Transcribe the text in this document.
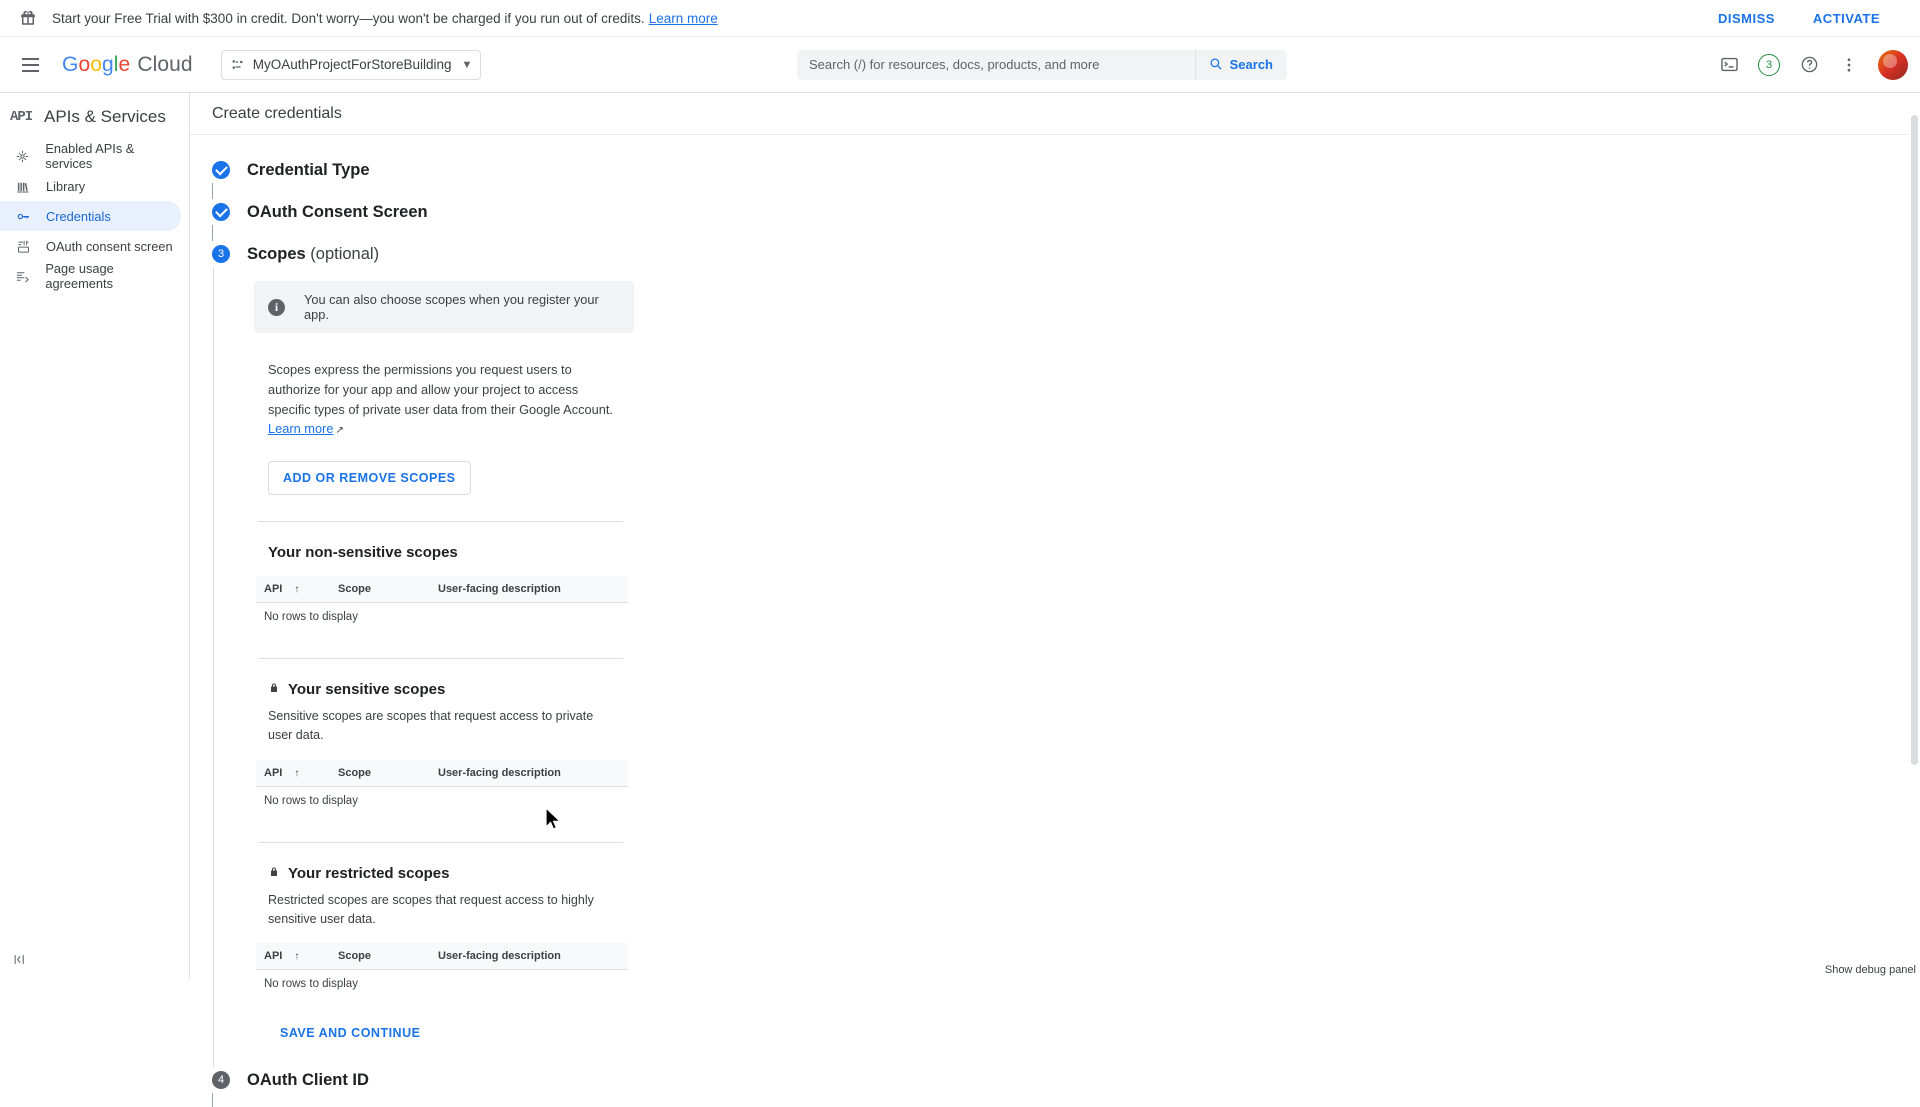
Start your Free Trial with $300 in credit. Don't worry—you won't be charged if you run out of credits. Learn more	DISMISS	ACTIVATE
G o o g l e Cloud	MyOAuthProjectForStoreBuilding ▼
Search (/) for resources, docs, products, and more	Search	3
API APIs & Services
Enabled APIs & services
Library
Credentials
OAuth consent screen
Page usage agreements
Create credentials
Credential Type
OAuth Consent Screen
3	Scopes (optional)
i	You can also choose scopes when you register your app.
Scopes express the permissions you request users to authorize for your app and allow your project to access specific types of private user data from their Google Account. Learn more ↗
ADD OR REMOVE SCOPES
Your non-sensitive scopes
API ↑	Scope	User-facing description
No rows to display
Your sensitive scopes
Sensitive scopes are scopes that request access to private user data.
API ↑	Scope	User-facing description
No rows to display
Your restricted scopes
Restricted scopes are scopes that request access to highly sensitive user data.
API ↑	Scope	User-facing description
No rows to display
SAVE AND CONTINUE
4	OAuth Client ID
Show debug panel
